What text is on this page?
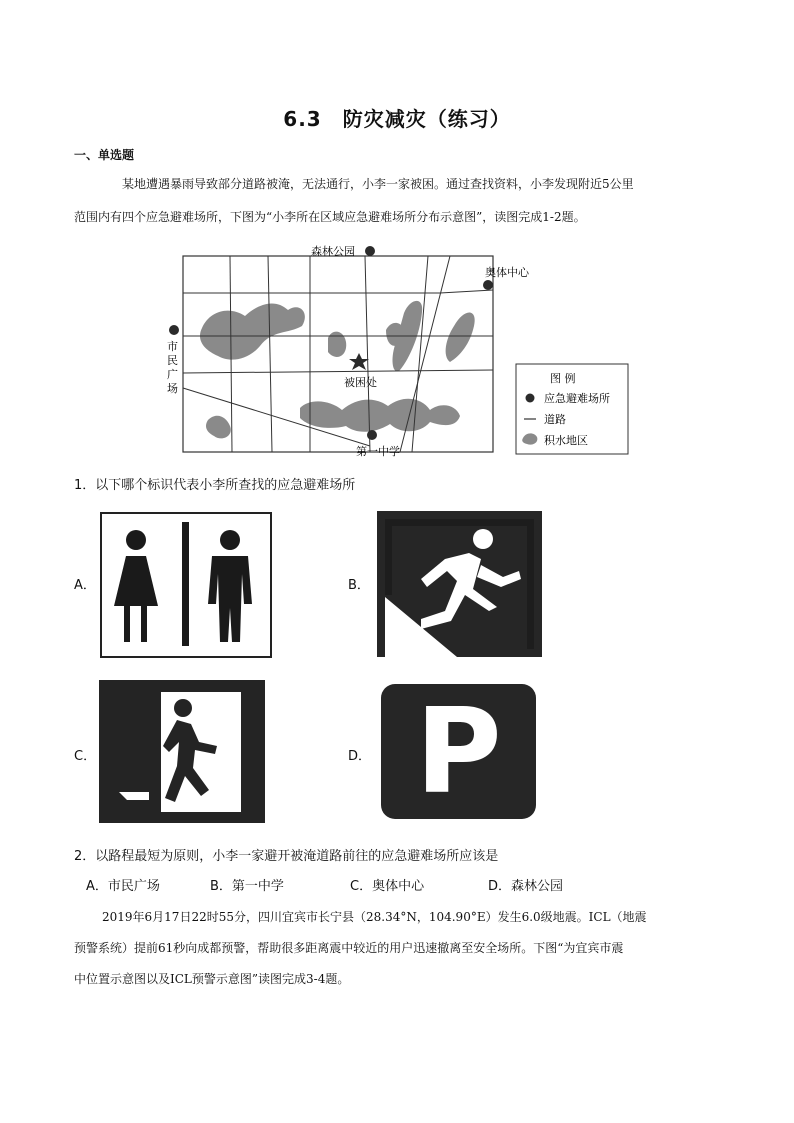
6.3　防灾减灾（练习）
一、单选题
某地遭遇暴雨导致部分道路被淹，无法通行，小李一家被困。通过查找资料，小李发现附近5公里
范围内有四个应急避难场所，下图为“小李所在区域应急避难场所分布示意图”，读图完成1-2题。
森林公园
奥体中心
被困处
第一中学
市
民
广
场
图 例
应急避难场所
道路
积水地区
1．以下哪个标识代表小李所查找的应急避难场所
A．	B．
C．	D． P
2．以路程最短为原则，小李一家避开被淹道路前往的应急避难场所应该是
A．市民广场	B．第一中学	C．奥体中心	D．森林公园
2019年6月17日22时55分，四川宜宾市长宁县（28.34°N，104.90°E）发生6.0级地震。ICL（地震
预警系统）提前61秒向成都预警，帮助很多距离震中较近的用户迅速撤离至安全场所。下图“为宜宾市震
中位置示意图以及ICL预警示意图”读图完成3-4题。
